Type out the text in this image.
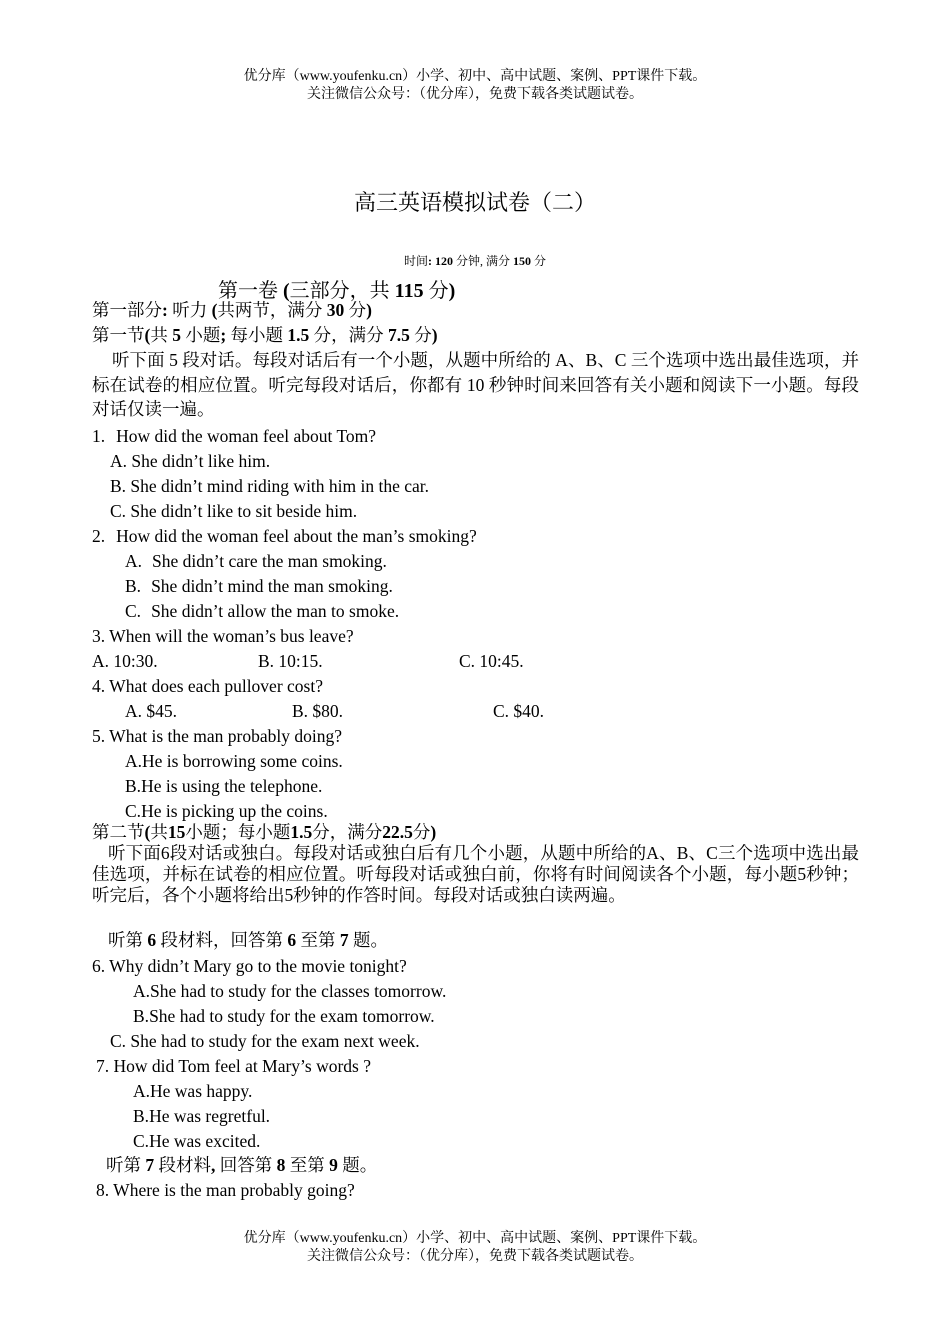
优分库（www.youfenku.cn）小学、初中、高中试题、案例、PPT课件下载。
关注微信公众号：（优分库），免费下载各类试题试卷。
高三英语模拟试卷（二）
时间: 120 分钟, 满分 150 分
第一卷 (三部分，共 115 分)
第一部分: 听力 (共两节，满分 30 分)
第一节(共 5 小题; 每小题 1.5 分，满分 7.5 分)
听下面 5 段对话。每段对话后有一个小题，从题中所给的 A、B、C 三个选项中选出最佳选项，并标在试卷的相应位置。听完每段对话后，你都有 10 秒钟时间来回答有关小题和阅读下一小题。每段对话仅读一遍。
1. How did the woman feel about Tom?
A. She didn’t like him.
B. She didn’t mind riding with him in the car.
C. She didn’t like to sit beside him.
2. How did the woman feel about the man’s smoking?
A. She didn’t care the man smoking.
B. She didn’t mind the man smoking.
C. She didn’t allow the man to smoke.
3. When will the woman’s bus leave?
A. 10:30.	B. 10:15.	C. 10:45.
4. What does each pullover cost?
A. $45.	B. $80.	C. $40.
5. What is the man probably doing?
A.He is borrowing some coins.
B.He is using the telephone.
C.He is picking up the coins.
第二节(共15小题；每小题1.5分，满分22.5分)
听下面6段对话或独白。每段对话或独白后有几个小题，从题中所给的A、B、C三个选项中选出最佳选项，并标在试卷的相应位置。听每段对话或独白前，你将有时间阅读各个小题，每小题5秒钟；听完后，各个小题将给出5秒钟的作答时间。每段对话或独白读两遍。
听第 6 段材料，回答第 6 至第 7 题。
6. Why didn’t Mary go to the movie tonight?
A.She had to study for the classes tomorrow.
B.She had to study for the exam tomorrow.
C. She had to study for the exam next week.
7. How did Tom feel at Mary’s words ?
A.He was happy.
B.He was regretful.
C.He was excited.
听第 7 段材料, 回答第 8 至第 9 题。
8. Where is the man probably going?
优分库（www.youfenku.cn）小学、初中、高中试题、案例、PPT课件下载。
关注微信公众号：（优分库），免费下载各类试题试卷。
